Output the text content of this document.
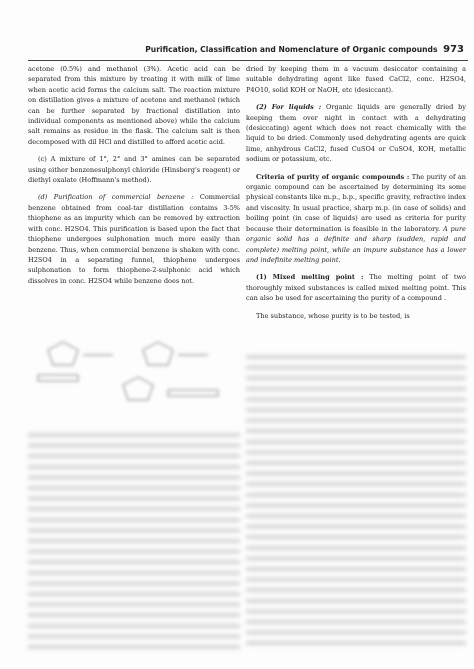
Purification, Classification and Nomenclature of Organic compounds 973

acetone (0.5%) and methanol (3%). Acetic acid can be separated from this mixture by treating it with milk of lime when acetic acid forms the calcium salt. The reaction mixture on distillation gives a mixture of acetone and methanol (which can be further separated by fractional distillation into individual components as mentioned above) while the calcium salt remains as residue in the flask. The calcium salt is then decomposed with dil HCl and distilled to afford acetic acid.

(c) A mixture of 1°, 2° and 3° amines can be separated using either benzenesulphonyl chloride (Hinsberg's reagent) or diethyl oxalate (Hoffmann's method).

(d) Purification of commercial benzene : Commercial benzene obtained from coal-tar distillation contains 3-5% thiophene as an impurity which can be removed by extraction with conc. H2SO4. This purification is based upon the fact that thiophene undergoes sulphonation much more easily than benzene. Thus, when commercial benzene is shaken with conc. H2SO4 in a separating funnel, thiophene undergoes sulphonation to form thiophene-2-sulphonic acid which dissolves in conc. H2SO4 while benzene does not.

dried by keeping them in a vacuum desiccator containing a suitable dehydrating agent like fused CaCl2, conc. H2SO4, P4O10, solid KOH or NaOH, etc (desiccant).

(2) For liquids : Organic liquids are generally dried by keeping them over night in contact with a dehydrating (desiccating) agent which does not react chemically with the liquid to be dried. Commonly used dehydrating agents are quick lime, anhydrous CaCl2, fused CuSO4 or CuSO4, KOH, metallic sodium or potassium, etc.

Criteria of purity of organic compounds : The purity of an organic compound can be ascertained by determining its some physical constants like m.p., b.p., specific gravity, refractive index and viscosity. In usual practice, sharp m.p. (in case of solids) and boiling point (in case of liquids) are used as criteria for purity because their determination is feasible in the laboratory. A pure organic solid has a definite and sharp (sudden, rapid and complete) melting point, while an impure substance has a lower and indefinite melting point.

(1) Mixed melting point : The melting point of two thoroughly mixed substances is called mixed melting point. This can also be used for ascertaining the purity of a compound .

The substance, whose purity is to be tested, is
